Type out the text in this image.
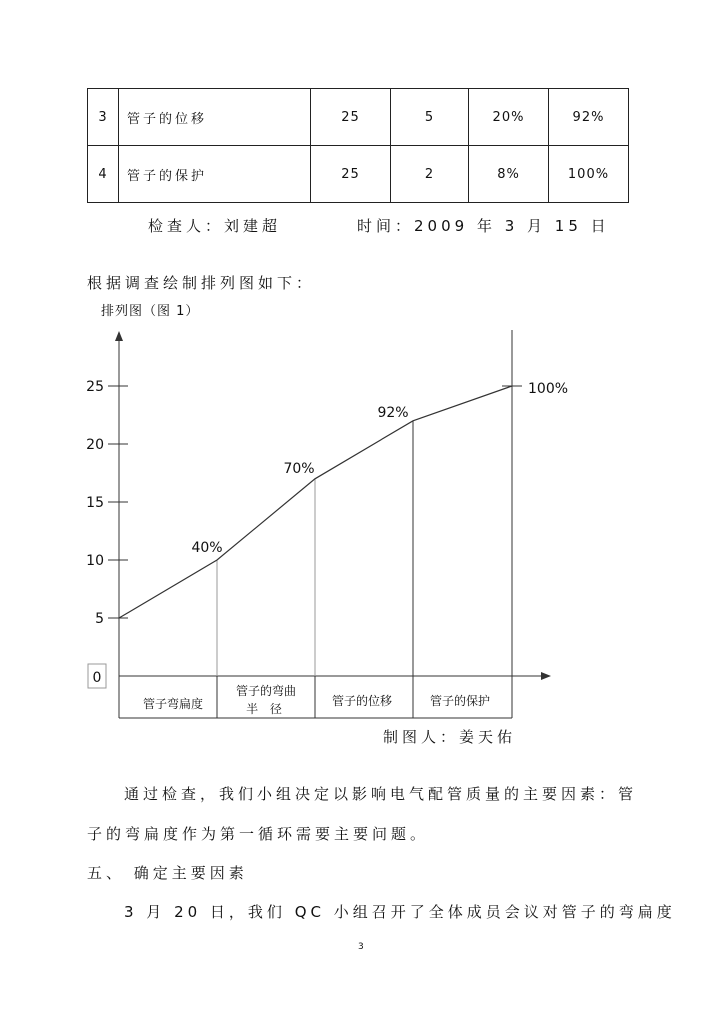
3	管子的位移	25	5	20%	92%
4	管子的保护	25	2	8%	100%
检查人：刘建超	时间：2009 年 3 月 15 日
根据调查绘制排列图如下：
排列图（图 1）
0
5
10
15
20
25
40%
70%
92%
100%
管子弯扁度
管子的弯曲
半 径
管子的位移	管子的保护
制图人：姜天佑
通过检查，我们小组决定以影响电气配管质量的主要因素：管
子的弯扁度作为第一循环需要主要问题。
五、 确定主要因素
3 月 20 日，我们 QC 小组召开了全体成员会议对管子的弯扁度
3
